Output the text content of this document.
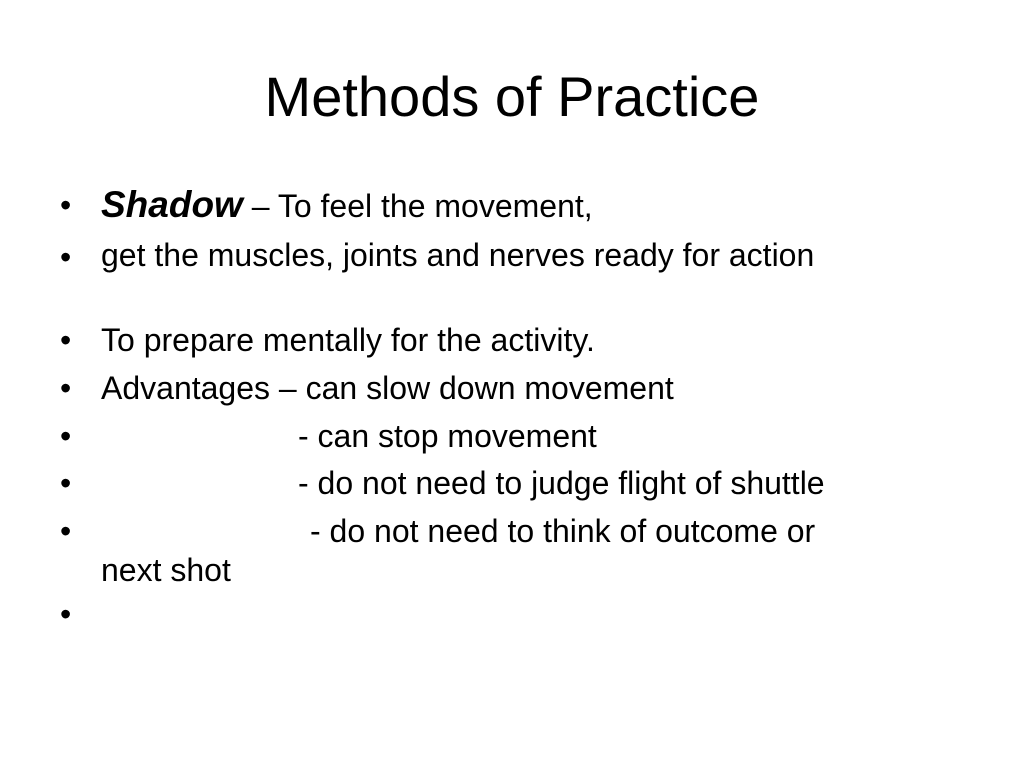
Methods of Practice
• Shadow – To feel the movement,
• get the muscles, joints and nerves ready for action
• To prepare mentally for the activity.
• Advantages – can slow down movement
•	- can stop movement
•	- do not need to judge flight of shuttle
•	- do not need to think of outcome or
next shot
•
